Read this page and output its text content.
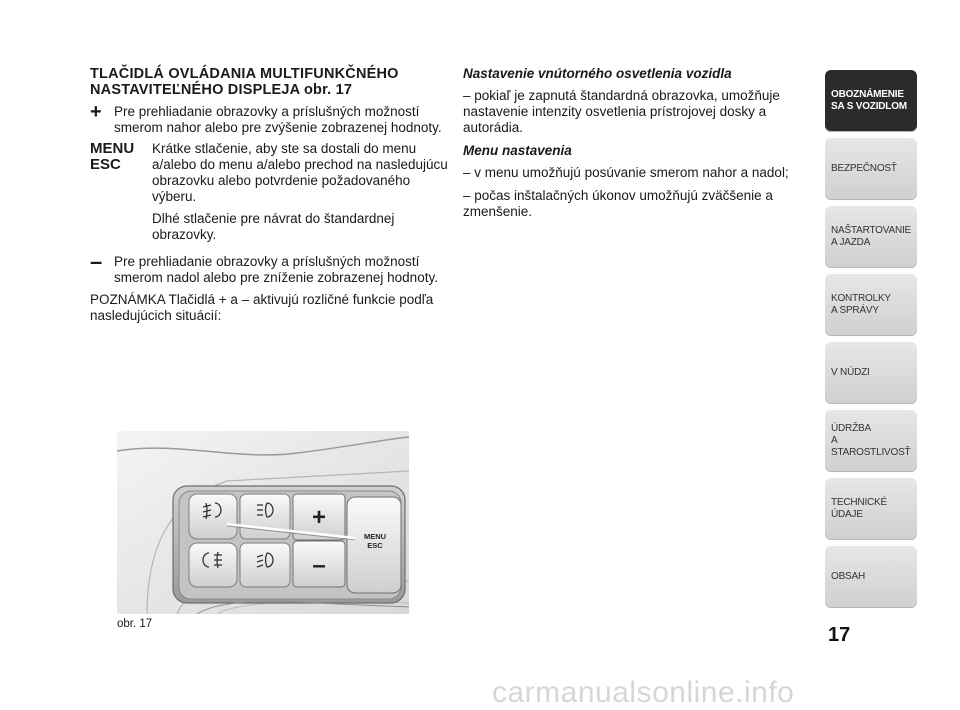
TLAČIDLÁ OVLÁDANIA MULTIFUNKČNÉHO
NASTAVITEĽNÉHO DISPLEJA obr. 17
+ Pre prehliadanie obrazovky a príslušných možností smerom nahor alebo pre zvýšenie zobrazenej hodnoty.
MENU
ESC
Krátke stlačenie, aby ste sa dostali do menu a/alebo do menu a/alebo prechod na nasledujúcu obrazovku alebo potvrdenie požadovaného výberu.
Dlhé stlačenie pre návrat do štandardnej obrazovky.
– Pre prehliadanie obrazovky a príslušných možností smerom nadol alebo pre zníženie zobrazenej hodnoty.
POZNÁMKA Tlačidlá + a – aktivujú rozličné funkcie podľa nasledujúcich situácií:
Nastavenie vnútorného osvetlenia vozidla
– pokiaľ je zapnutá štandardná obrazovka, umožňuje nastavenie intenzity osvetlenia prístrojovej dosky a autorádia.
Menu nastavenia
– v menu umožňujú posúvanie smerom nahor a nadol;
– počas inštalačných úkonov umožňujú zväčšenie a zmenšenie.
+
–
MENU
ESC
obr. 17
OBOZNÁMENIE
SA S VOZIDLOM
BEZPEČNOSŤ
NAŠTARTOVANIE
A JAZDA
KONTROLKY
A SPRÁVY
V NÚDZI
ÚDRŽBA
A STAROSTLIVOSŤ
TECHNICKÉ
ÚDAJE
OBSAH
17
carmanualsonline.info
